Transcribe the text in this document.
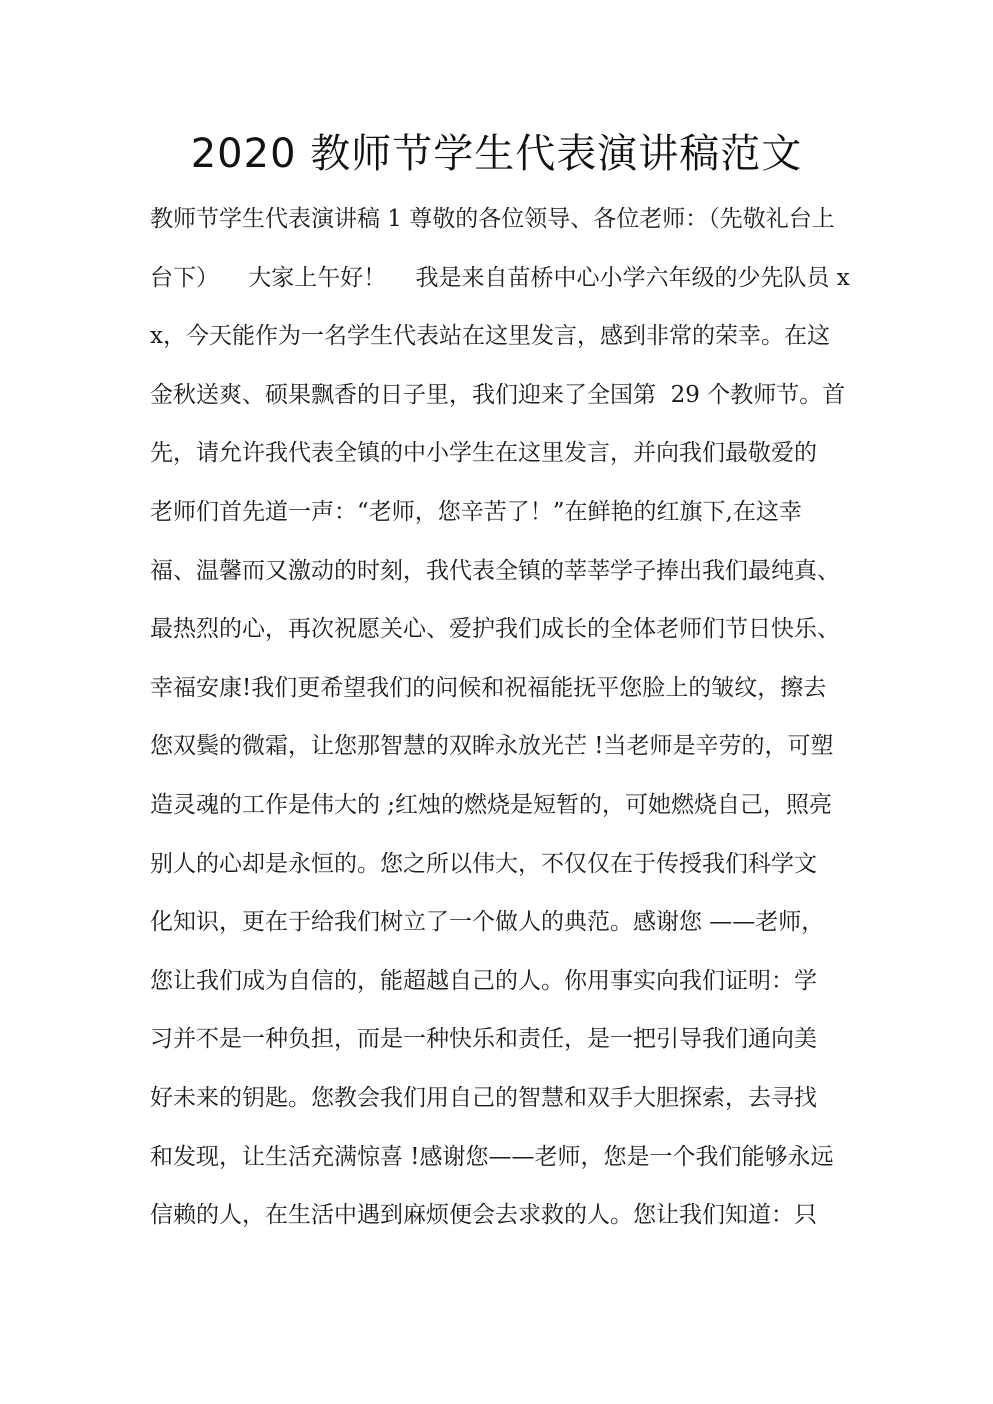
2020 教师节学生代表演讲稿范文
教师节学生代表演讲稿 1 尊敬的各位领导、各位老师：（先敬礼台上
台下）    大家上午好！    我是来自苗桥中心小学六年级的少先队员 x
x，今天能作为一名学生代表站在这里发言，感到非常的荣幸。在这
金秋送爽、硕果飘香的日子里，我们迎来了全国第  29 个教师节。首
先，请允许我代表全镇的中小学生在这里发言，并向我们最敬爱的
老师们首先道一声：“老师，您辛苦了！”在鲜艳的红旗下,在这幸
福、温馨而又激动的时刻，我代表全镇的莘莘学子捧出我们最纯真、
最热烈的心，再次祝愿关心、爱护我们成长的全体老师们节日快乐、
幸福安康!我们更希望我们的问候和祝福能抚平您脸上的皱纹，擦去
您双鬓的微霜，让您那智慧的双眸永放光芒 !当老师是辛劳的，可塑
造灵魂的工作是伟大的 ;红烛的燃烧是短暂的，可她燃烧自己，照亮
别人的心却是永恒的。您之所以伟大，不仅仅在于传授我们科学文
化知识，更在于给我们树立了一个做人的典范。感谢您 ——老师，
您让我们成为自信的，能超越自己的人。你用事实向我们证明：学
习并不是一种负担，而是一种快乐和责任，是一把引导我们通向美
好未来的钥匙。您教会我们用自己的智慧和双手大胆探索，去寻找
和发现，让生活充满惊喜 !感谢您——老师，您是一个我们能够永远
信赖的人，在生活中遇到麻烦便会去求救的人。您让我们知道：只
